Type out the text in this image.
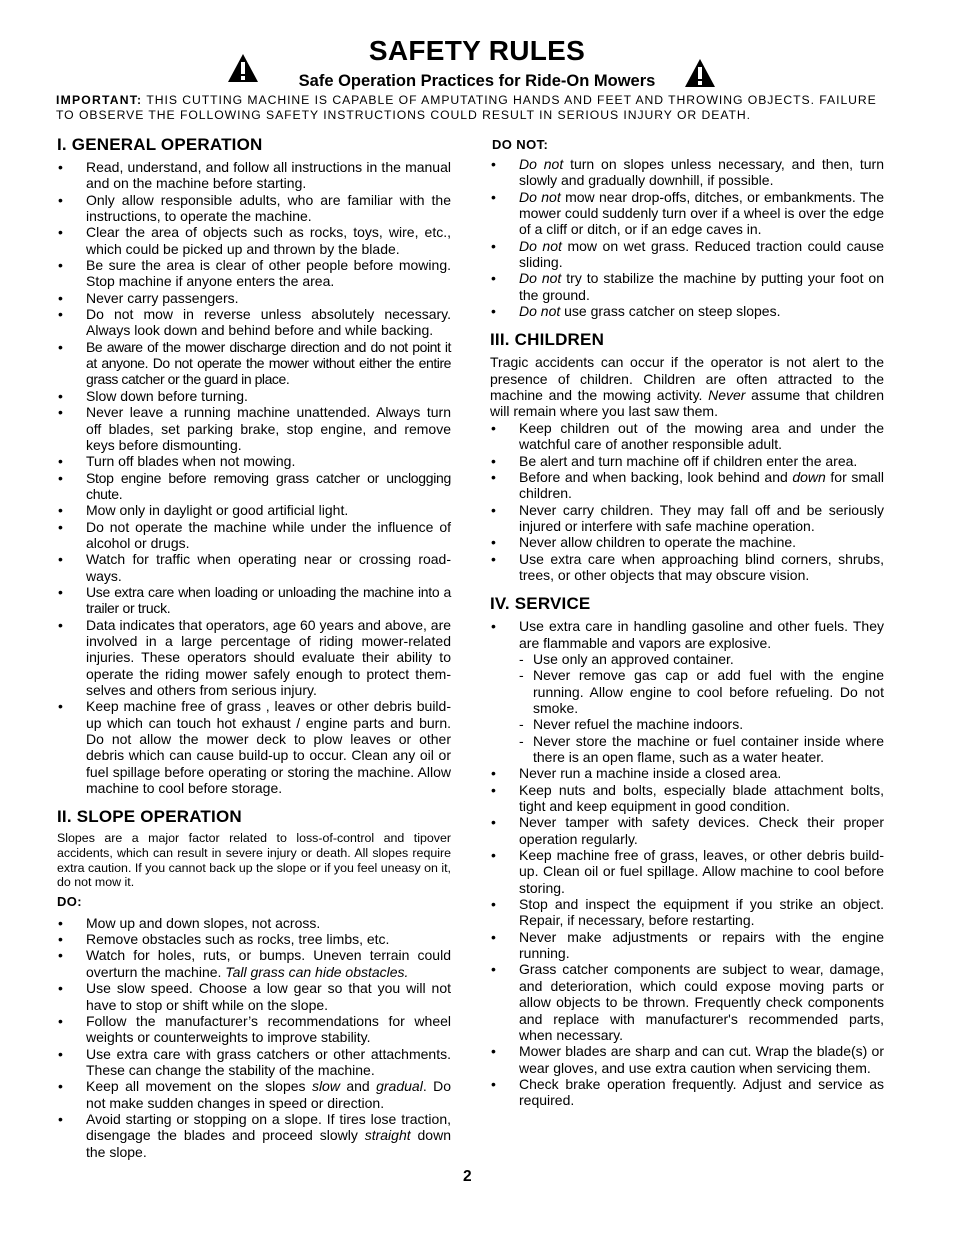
SAFETY RULES
Safe Operation Practices for Ride-On Mowers
IMPORTANT: THIS CUTTING MACHINE IS CAPABLE OF AMPUTATING HANDS AND FEET AND THROWING OBJECTS. FAILURE TO OBSERVE THE FOLLOWING SAFETY INSTRUCTIONS COULD RESULT IN SERIOUS INJURY OR DEATH.
I. GENERAL OPERATION
• Read, understand, and follow all instructions in the manual and on the machine before starting.
• Only allow responsible adults, who are familiar with the instructions, to operate the machine.
• Clear the area of objects such as rocks, toys, wire, etc., which could be picked up and thrown by the blade.
• Be sure the area is clear of other people before mowing. Stop machine if anyone enters the area.
• Never carry passengers.
• Do not mow in reverse unless absolutely necessary. Always look down and behind before and while backing.
• Be aware of the mower discharge direction and do not point it at anyone. Do not operate the mower without either the entire grass catcher or the guard in place.
• Slow down before turning.
• Never leave a running machine unattended. Always turn off blades, set parking brake, stop engine, and remove keys before dismounting.
• Turn off blades when not mowing.
• Stop engine before removing grass catcher or unclogging chute.
• Mow only in daylight or good artificial light.
• Do not operate the machine while under the influence of alcohol or drugs.
• Watch for traffic when operating near or crossing road-ways.
• Use extra care when loading or unloading the machine into a trailer or truck.
• Data indicates that operators, age 60 years and above, are involved in a large percentage of riding mower-related injuries. These operators should evaluate their ability to operate the riding mower safely enough to protect them-selves and others from serious injury.
• Keep machine free of grass , leaves or other debris build-up which can touch hot exhaust / engine parts and burn. Do not allow the mower deck to plow leaves or other debris which can cause build-up to occur. Clean any oil or fuel spillage before operating or storing the machine. Allow machine to cool before storage.
II. SLOPE OPERATION

Slopes are a major factor related to loss-of-control and tipover accidents, which can result in severe injury or death. All slopes require extra caution. If you cannot back up the slope or if you feel uneasy on it, do not mow it.

DO:

• Mow up and down slopes, not across.
• Remove obstacles such as rocks, tree limbs, etc.
• Watch for holes, ruts, or bumps. Uneven terrain could overturn the machine. Tall grass can hide obstacles.
• Use slow speed. Choose a low gear so that you will not have to stop or shift while on the slope.
• Follow the manufacturer’s recommendations for wheel weights or counterweights to improve stability.
• Use extra care with grass catchers or other attachments. These can change the stability of the machine.
• Keep all movement on the slopes slow and gradual. Do not make sudden changes in speed or direction.
• Avoid starting or stopping on a slope. If tires lose traction, disengage the blades and proceed slowly straight down the slope.

DO NOT:

• Do not turn on slopes unless necessary, and then, turn slowly and gradually downhill, if possible.
• Do not mow near drop-offs, ditches, or embankments. The mower could suddenly turn over if a wheel is over the edge of a cliff or ditch, or if an edge caves in.
• Do not mow on wet grass. Reduced traction could cause sliding.
• Do not try to stabilize the machine by putting your foot on the ground.
• Do not use grass catcher on steep slopes.
III. CHILDREN

Tragic accidents can occur if the operator is not alert to the presence of children. Children are often attracted to the machine and the mowing activity. Never assume that children will remain where you last saw them.

• Keep children out of the mowing area and under the watchful care of another responsible adult.
• Be alert and turn machine off if children enter the area.
• Before and when backing, look behind and down for small children.
• Never carry children. They may fall off and be seriously injured or interfere with safe machine operation.
• Never allow children to operate the machine.
• Use extra care when approaching blind corners, shrubs, trees, or other objects that may obscure vision.
IV. SERVICE
• Use extra care in handling gasoline and other fuels. They are flammable and vapors are explosive.
- Use only an approved container.
- Never remove gas cap or add fuel with the engine running. Allow engine to cool before refueling. Do not smoke.
- Never refuel the machine indoors.
- Never store the machine or fuel container inside where there is an open flame, such as a water heater.
• Never run a machine inside a closed area.
• Keep nuts and bolts, especially blade attachment bolts, tight and keep equipment in good condition.
• Never tamper with safety devices. Check their proper operation regularly.
• Keep machine free of grass, leaves, or other debris build-up. Clean oil or fuel spillage. Allow machine to cool before storing.
• Stop and inspect the equipment if you strike an object. Repair, if necessary, before restarting.
• Never make adjustments or repairs with the engine running.
• Grass catcher components are subject to wear, damage, and deterioration, which could expose moving parts or allow objects to be thrown. Frequently check components and replace with manufacturer's recommended parts, when necessary.
• Mower blades are sharp and can cut. Wrap the blade(s) or wear gloves, and use extra caution when servicing them.
• Check brake operation frequently. Adjust and service as required.
2
